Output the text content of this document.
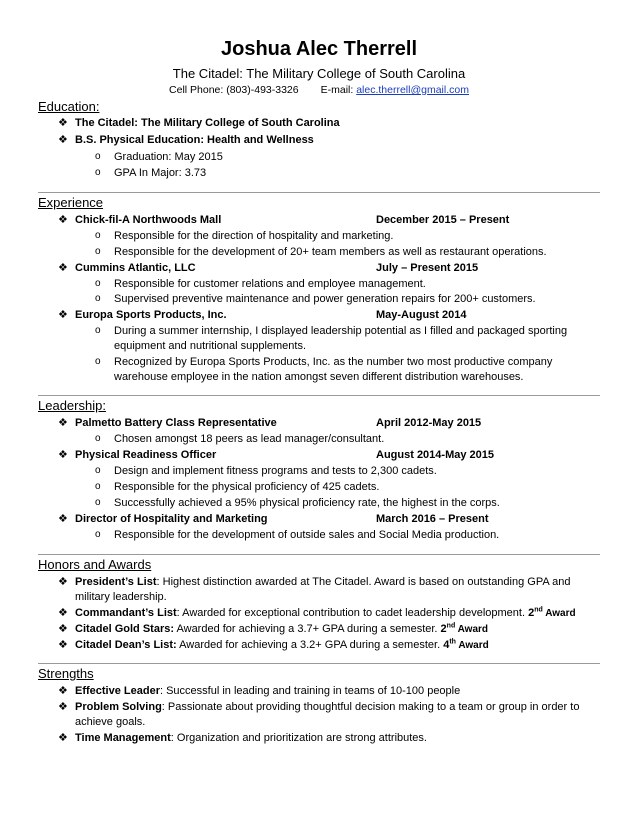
Joshua Alec Therrell
The Citadel: The Military College of South Carolina
Cell Phone: (803)-493-3326 E-mail: alec.therrell@gmail.com
Education:
❖ The Citadel: The Military College of South Carolina
❖ B.S. Physical Education: Health and Wellness
o Graduation: May 2015
o GPA In Major: 3.73
Experience
❖ Chick-fil-A Northwoods Mall	December 2015 – Present
o Responsible for the direction of hospitality and marketing.
o Responsible for the development of 20+ team members as well as restaurant operations.
❖ Cummins Atlantic, LLC	July – Present 2015
o Responsible for customer relations and employee management.
o Supervised preventive maintenance and power generation repairs for 200+ customers.
❖ Europa Sports Products, Inc.	May-August 2014
o During a summer internship, I displayed leadership potential as I filled and packaged sporting
equipment and nutritional supplements.
o Recognized by Europa Sports Products, Inc. as the number two most productive company
warehouse employee in the nation amongst seven different distribution warehouses.
Leadership:
❖ Palmetto Battery Class Representative	April 2012-May 2015
o Chosen amongst 18 peers as lead manager/consultant.
❖ Physical Readiness Officer	August 2014-May 2015
o Design and implement fitness programs and tests to 2,300 cadets.
o Responsible for the physical proficiency of 425 cadets.
o Successfully achieved a 95% physical proficiency rate, the highest in the corps.
❖ Director of Hospitality and Marketing	March 2016 – Present
o Responsible for the development of outside sales and Social Media production.
Honors and Awards
❖ President’s List: Highest distinction awarded at The Citadel. Award is based on outstanding GPA and
military leadership.
❖ Commandant’s List: Awarded for exceptional contribution to cadet leadership development. 2nd Award
❖ Citadel Gold Stars: Awarded for achieving a 3.7+ GPA during a semester. 2nd Award
❖ Citadel Dean’s List: Awarded for achieving a 3.2+ GPA during a semester. 4th Award
Strengths
❖ Effective Leader: Successful in leading and training in teams of 10-100 people
❖ Problem Solving: Passionate about providing thoughtful decision making to a team or group in order to
achieve goals.
❖ Time Management: Organization and prioritization are strong attributes.
